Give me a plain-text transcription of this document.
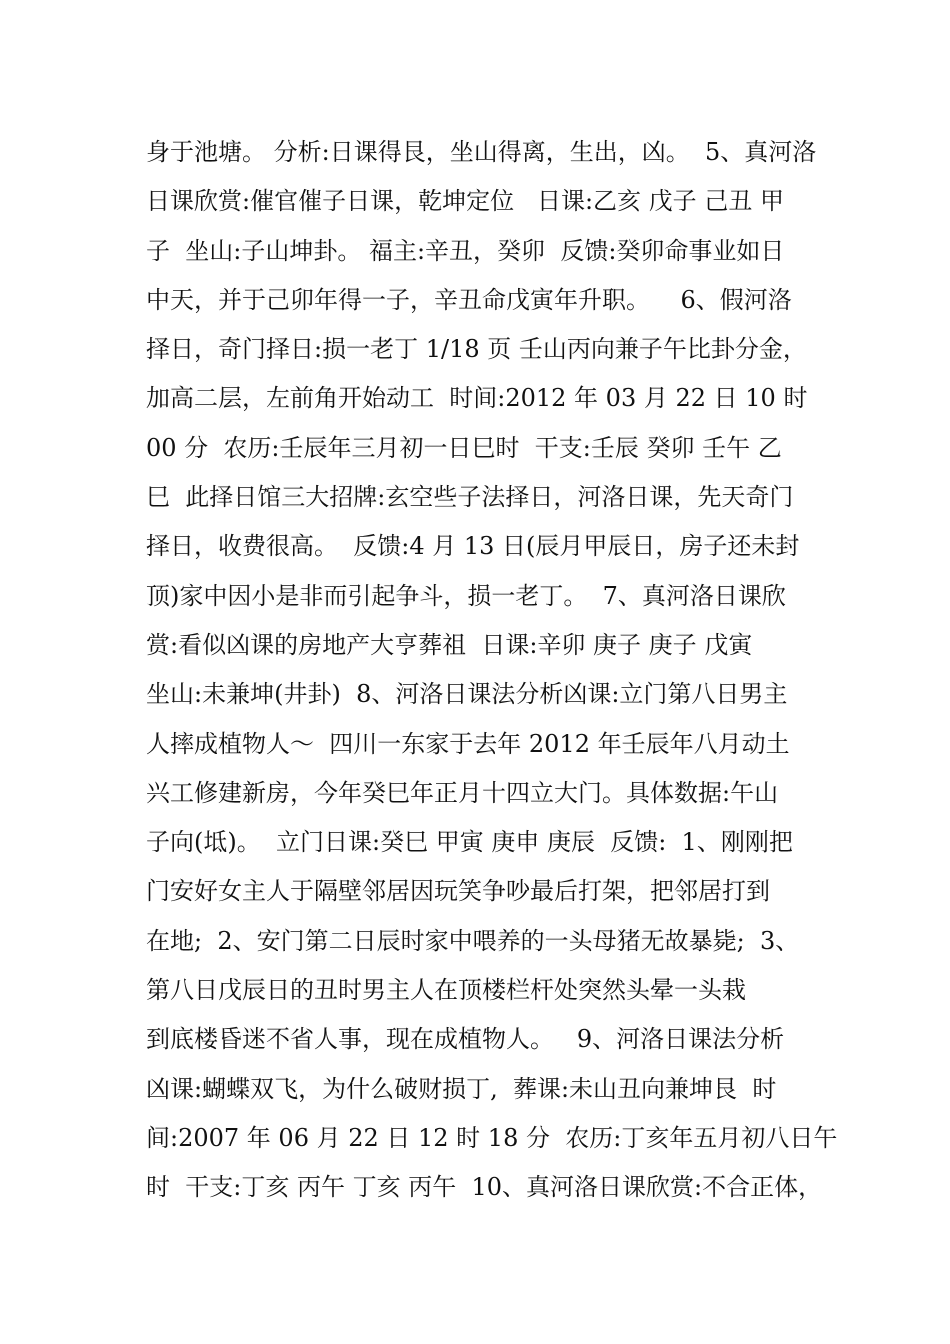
身于池塘。 分析:日课得艮，坐山得离，生出，凶。  5、真河洛
日课欣赏:催官催子日课，乾坤定位   日课:乙亥 戊子 己丑 甲
子  坐山:子山坤卦。 福主:辛丑，癸卯  反馈:癸卯命事业如日
中天，并于己卯年得一子，辛丑命戊寅年升职。    6、假河洛
择日，奇门择日:损一老丁 1/18 页 壬山丙向兼子午比卦分金，
加高二层，左前角开始动工  时间:2012 年 03 月 22 日 10 时
00 分  农历:壬辰年三月初一日巳时  干支:壬辰 癸卯 壬午 乙
巳  此择日馆三大招牌:玄空些子法择日，河洛日课，先天奇门
择日，收费很高。  反馈:4 月 13 日(辰月甲辰日，房子还未封
顶)家中因小是非而引起争斗，损一老丁。  7、真河洛日课欣
赏:看似凶课的房地产大亨葬祖  日课:辛卯 庚子 庚子 戊寅
坐山:未兼坤(井卦)  8、河洛日课法分析凶课:立门第八日男主
人摔成植物人～  四川一东家于去年 2012 年壬辰年八月动土
兴工修建新房，今年癸巳年正月十四立大门。具体数据:午山
子向(坻)。  立门日课:癸巳 甲寅 庚申 庚辰  反馈:  1、刚刚把
门安好女主人于隔壁邻居因玩笑争吵最后打架，把邻居打到
在地;  2、安门第二日辰时家中喂养的一头母猪无故暴毙;  3、
第八日戊辰日的丑时男主人在顶楼栏杆处突然头晕一头栽
到底楼昏迷不省人事，现在成植物人。   9、河洛日课法分析
凶课:蝴蝶双飞，为什么破财损丁,  葬课:未山丑向兼坤艮  时
间:2007 年 06 月 22 日 12 时 18 分  农历:丁亥年五月初八日午
时  干支:丁亥 丙午 丁亥 丙午  10、真河洛日课欣赏:不合正体，
